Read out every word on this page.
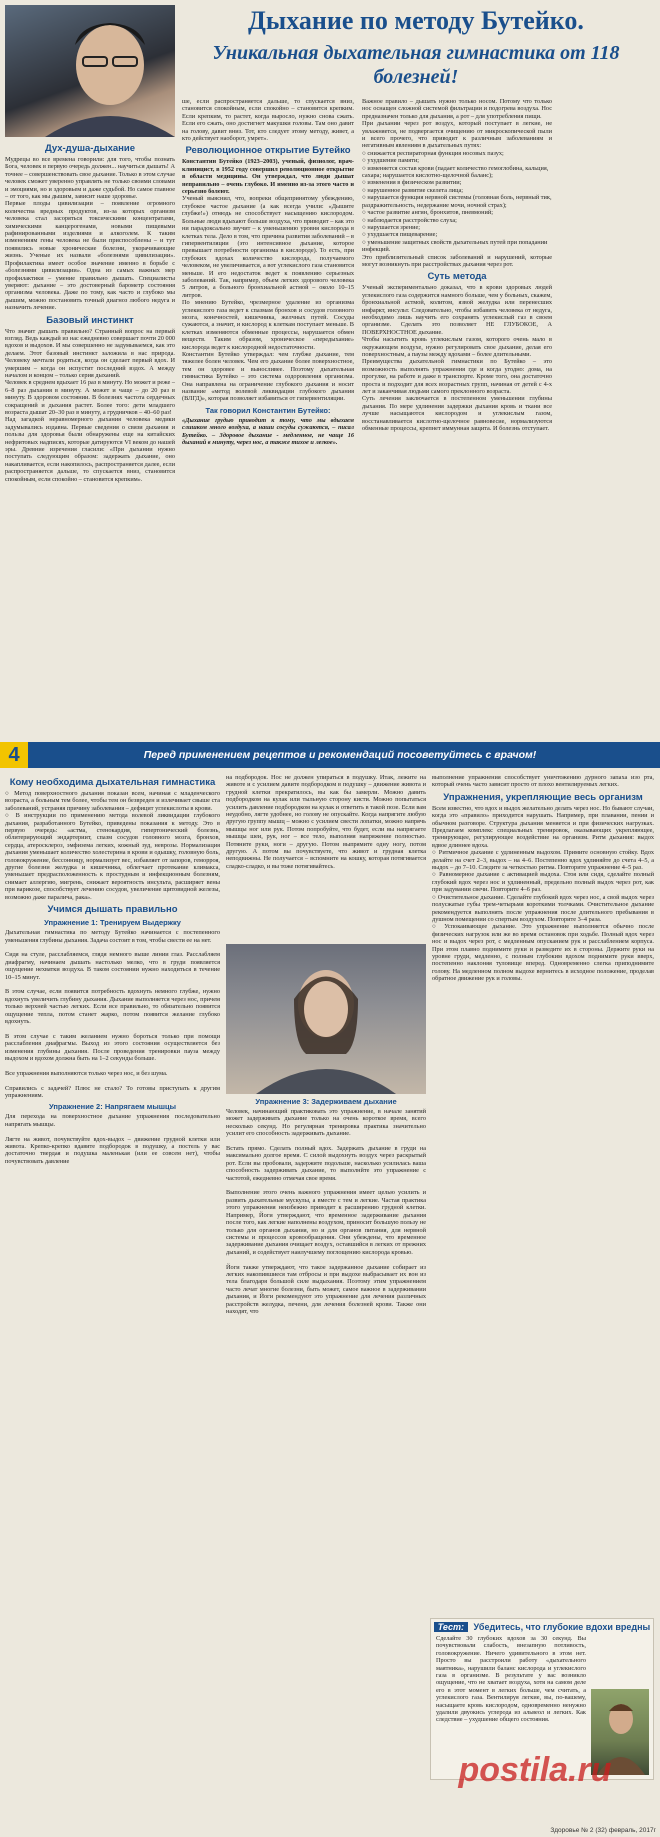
Дыхание по методу Бутейко.
Уникальная дыхательная гимнастика от 118 болезней!
Дух-душа-дыхание
Мудрецы во все времена говорили: для того, чтобы познать Бога, человек в первую очередь должен... научиться дышать! А точнее – совершенствовать свое дыхание. Только в этом случае человек сможет уверенно управлять не только своими словами и эмоциями, но и здоровьем и даже судьбой. Но самое главное – от того, как мы дышим, зависит наше здоровье.
Первые плоды цивилизации – появление огромного количества вредных продуктов, из-за которых организм человека стал засоряться токсическими концентратами, химическими канцерогенами, новыми пищевыми рафинированными изделиями и алкоголем. К таким изменениям гены человека не были приспособлены – и тут появились новые хронические болезни, укорачивающие жизнь. Ученые их назвали «болезнями цивилизации». Профилактика имеет особое значение именно в борьбе с «болезнями цивилизации». Одна из самых важных мер профилактики – умение правильно дышать. Специалисты уверяют: дыхание – это достоверный барометр состояния организма человека. Даже по тому, как часто и глубоко мы дышим, можно постановить точный диагноз любого недуга и назначить лечение.
Базовый инстинкт
Что значит дышать правильно? Странный вопрос на первый взгляд. Ведь каждый из нас ежедневно совершает почти 20 000 вдохов и выдохов. И мы совершенно не задумываемся, как это делаем. Этот базовый инстинкт заложила в нас природа. Человеку мечтали родиться, когда он сделает первый вдох. И умершим – когда он испустит последний вздох. А между началом и концом – только серия дыханий.
Человек в среднем вдыхает 16 раз в минуту. Но может и реже – 6–8 раз дыхания в минуту. А может и чаще – до 20 раз в минуту. В здоровом состоянии. В болезнях частота сердечных сокращений и дыхания растет. Более того: дети младшего возраста дышат 20–30 раз в минуту, а грудничков – 40–60 раз!
Над загадкой неравномерного дыхания человека медики задумывались издавна. Первые сведения о связи дыхания и пользы для здоровья были обнаружены еще на китайских нефритовых надписях, которые датируются VI веком до нашей эры. Древние изречения гласили: «При дыхании нужно поступать следующим образом: задержать дыхание, оно накапливается, если накопилось, распространяется далее, если распространяется дальше, то спускается вниз, становится спокойным, если спокойно – становится крепким».
ше, если распространяется дальше, то спускается вниз, становится спокойным, если спокойно – становится крепким. Если крепким, то растет, когда выросло, нужно снова сжать. Если его сжать, оно достигнет макушки головы. Там оно давит на голову, давит вниз. Тот, кто следует этому методу, живет, а кто действует наоборот, умрет».
Революционное открытие Бутейко
Константин Бутейко (1923–2003), ученый, физиолог, врач-клиницист, в 1952 году совершил революционное открытие в области медицины. Он утверждал, что люди дышат неправильно – очень глубоко. И именно из-за этого часто и серьезно болеют.
Ученый выяснил, что, вопреки общепринятому убеждению, глубокое частое дыхание (а как всегда учили: «Дышите глубже!») отнюдь не способствует насыщению кислородом. Больные люди вдыхают больше воздуха, что приводит – как это ни парадоксально звучит – к уменьшению уровня кислорода в клетках тела. Дело в том, что причина развития заболеваний – в гипервентиляции (это интенсивное дыхание, которое превышает потребности организма в кислороде). То есть, при глубоких вдохах количество кислорода, получаемого человеком, не увеличивается, а вот углекислого газа становится меньше. И его недостаток ведет к появлению серьезных заболеваний. Так, например, объем легких здорового человека 5 литров, а больного бронхиальной астмой – около 10–15 литров.
По мнению Бутейко, чрезмерное удаление из организма углекислого газа ведет к спазмам бронхов и сосудов головного мозга, конечностей, кишечника, желчных путей. Сосуды сужаются, а значит, и кислород к клеткам поступает меньше. В клетках изменяются обменные процессы, нарушается обмен веществ. Таким образом, хроническое «передыхание» кислорода ведет к кислородной недостаточности.
Константин Бутейко утверждал: чем глубже дыхание, тем тяжелее болен человек. Чем его дыхание более поверхностное, тем он здоровее и выносливее. Поэтому дыхательная гимнастика Бутейко – это система оздоровления организма. Она направлена на ограничение глубокого дыхания и носит название «метод волевой ликвидации глубокого дыхания (ВЛГД)», которая позволяет избавиться от гипервентиляции.
Так говорил Константин Бутейко:
«Дыхание грудью приводит к тому, что мы вдыхаем слишком много воздуха, а наши сосуды сужаются, – писал Бутейко. – Здоровое дыхание - медленное, не чаще 16 дыханий в минуту, через нос, а также тихое и легкое».
Важное правило – дышать нужно только носом. Потому что только нос оснащен сложной системой фильтрации и подогрева воздуха. Нос предназначен только для дыхания, а рот – для употребления пищи.
При дыхании через рот воздух, который поступает в легкие, не увлажняется, не подвергается очищению от микроскопической пыли и всего прочего, что приводит к различным заболеваниям и негативным явлениям в дыхательных путях:
○ снижается респираторная функция носовых пазух;
○ ухудшение памяти;
○ изменяется состав крови (падает количество гемоглобина, кальция, сахара; нарушается кислотно-щелочной баланс);
○ изменения в физическом развитии;
○ нарушенное развитие скелета лица;
○ нарушается функция нервной системы (головная боль, нервный тик, раздражительность, недержание мочи, ночной страх);
○ частое развитие ангин, бронхитов, пневмоний;
○ наблюдается расстройство слуха;
○ нарушается зрение;
○ ухудшается пищеварение;
○ уменьшение защитных свойств дыхательных путей при попадании инфекций.
Это приблизительный список заболеваний и нарушений, которые могут возникнуть при расстройствах дыхания через рот.
Суть метода
Ученый экспериментально доказал, что в крови здоровых людей углекислого газа содержится намного больше, чем у больных, скажем, бронхиальной астмой, колитом, язвой желудка или перенесших инфаркт, инсульт. Следовательно, чтобы избавить человека от недуга, необходимо лишь научить его сохранять углекислый газ в своем организме. Сделать это позволяет НЕ ГЛУБОКОЕ, А ПОВЕРХНОСТНОЕ дыхание.
Чтобы насытить кровь углекислым газом, которого очень мало в окружающем воздухе, нужно регулировать свое дыхание, делая его поверхностным, а паузы между вдохами – более длительными.
Преимущества дыхательной гимнастики по Бутейко – это возможность выполнять упражнения где и когда угодно: дома, на прогулке, на работе и даже в транспорте. Кроме того, она достаточно проста и подходит для всех возрастных групп, начиная от детей с 4-х лет и заканчивая людьми самого преклонного возраста.
Суть лечения заключается в постепенном уменьшении глубины дыхания. По мере удлинения задержки дыхания кровь и ткани все лучше насыщаются кислородом и углекислым газом, восстанавливается кислотно-щелочное равновесие, нормализуются обменные процессы, крепнет иммунная защита. И болезнь отступает.
4	Перед применением рецептов и рекомендаций посоветуйтесь с врачом!
Кому необходима дыхательная гимнастика
○ Метод поверхностного дыхания показан всем, начиная с младенческого возраста, а больным тем более, чтобы тем он безвреден и излечивает свыше ста заболеваний, устраняя причину заболевания – дефицит углекислоты в крови.
○ В инструкции по применению метода волевой ликвидации глубокого дыхания, разработанного Бутейко, приведены показания к методу. Это в первую очередь: «астма, стенокардия, гипертонический болезнь, облитерирующий эндартериит, спазм сосудов головного мозга, бронхов, сердца, атеросклероз, эмфизема легких, кожный зуд, неврозы. Нормализация дыхания уменьшает количество холестерина в крови и одышку, головную боль, головокружение, бессонницу, нормализует вес, избавляет от запоров, геморроя, другие болезни желудка и кишечника, облегчает протекание климакса, уменьшает предрасположенность к простудным и инфекционным болезням, снимает аллергию, мигрень, снижает вероятность инсульта, расширяет вены при варикозе, способствует лечению сосудов, увеличение щитовидной железы, возможно даже паралича, рака».
Учимся дышать правильно
Упражнение 1: Тренируем Выдержку
Дыхательная гимнастика по методу Бутейко начинается с постепенного уменьшения глубины дыхания. Задача состоит в том, чтобы свести ее на нет.

Сидя на стуле, расслабляемся, глядя немного выше линии глаз. Расслабляем диафрагму, начинаем дышать настолько мелко, что в груди появляется ощущение нехватки воздуха. В таком состоянии нужно находиться в течение 10–15 минут.

В этом случае, если появится потребность вдохнуть немного глубже, нужно вдохнуть увеличить глубину дыхания. Дыхание выполняется через нос, причем только верхней частью легких. Если все правильно, то обязательно появится ощущение тепла, потом станет жарко, потом появится желание глубоко вдохнуть.

В этом случае с таким желанием нужно бороться только при помощи расслабления диафрагмы. Выход из этого состояния осуществляется без изменения глубины дыхания. После проведения тренировки пауза между выдохом и вдохом должна быть на 1–2 секунды больше.

Все упражнения выполняются только через нос, и без шума.

Справились с задачей? Плюс не стало? То готовы приступать к другим упражнениям.
Упражнение 2: Напрягаем мышцы
Для перехода на поверхностное дыхание упражнения последовательно напрягать мышцы.

Лягте на живот, почувствуйте вдох-выдох – движение грудной клетки или живота. Крепко-крепко вдавите подбородок в подушку, а постель у вас достаточно твердая и подушка маленькая (или ее совсем нет), чтобы почувствовать давление
на подбородок. Нос не должен упираться в подушку. Итак, лежите на животе и с усилием давите подбородком в подушку – движение живота и грудной клетки прекратилось, вы как бы замерли. Можно давить подбородком на кулак или тыльную сторону кисти. Можно попытаться усилить давление подбородком на кулак и ответить в такой позе. Если вам неудобно, лягте удобнее, но голову не опускайте. Когда напрягите любую другую группу мышц – можно с усилием свести лопатки, можно напрячь мышцы ног или рук. Потом попробуйте, что будет, если вы напрягаете мышцы шеи, рук, ног – все тело, выполняя напряжение полностью. Потяните руки, ноги – другую. Потом выпрямите одну ногу, потом другую. А потом вы почувствуете, что живот и грудная клетка неподвижны. Не получается – вспомните на кошку, которая потягивается сладко-сладко, и вы тоже потягивайтесь.
Упражнение 3: Задерживаем дыхание
Человек, начинающий практиковать это упражнение, в начале занятий может задерживать дыхание только на очень короткое время, всего несколько секунд. Но регулярная тренировка практика значительно усилит его способность задерживать дыхание.

Встать прямо. Сделать полный вдох. Задержать дыхание в груди на максимально долгое время. С силой выдохнуть воздух через раскрытый рот. Если вы пробовали, задержите подольше, насколько усилилась ваша способность задерживать дыхание, то выполнйте это упражнение с частотой, ежедневно отмечая свое время.

Выполнение этого очень важного упражнения имеет целью усилить и развить дыхательные мускулы, а вместе с тем и легкие. Частая практика этого упражнения неизбежно приводит к расширению грудной клетки. Например, Йоги утверждают, что временное задерживание дыхания после того, как легкие наполнены воздухом, приносит большую пользу не только для органов дыхания, но и для органов питания, для нервной системы и процессов кровообращения. Они убеждены, что временное задерживание дыхания очищает воздух, оставшийся в легких от прежних дыханий, и содействует наилучшему поглощению кислорода кровью.

Йоги также утверждают, что такое задержанное дыхание собирает из легких накопившиеся там отбросы и при выдохе выбрасывает их вон из тела благодаря большой силе выдыхания. Поэтому этим упражнением часто лечат многие болезни, быть может, самое важное в задерживании дыхания, и Йоги рекомендуют это упражнение для лечения различных расстройств желудка, печени, для лечения болезней крови. Также они находят, что
выполнение упражнения способствует уничтожению дурного запаха изо рта, который очень часто зависит просто от плохо вентилируемых легких.
Упражнения, укрепляющие весь организм
Всем известно, что вдох и выдох желательно делать через нос. Но бывают случаи, когда это «правило» приходится нарушать. Например, при плавании, пении и обычном разговоре. Структура дыхания меняется и при физических нагрузках. Предлагаем комплекс специальных тренировок, оказывающих укрепляющее, тренирующее, регулирующее воздействие на организм. Ритм дыхания: выдох вдвое длиннее вдоха.
○ Ритмичное дыхание с удлиненным выдохом. Примите основную стойку. Вдох делайте на счет 2–3, выдох – на 4–6. Постепенно вдох удлиняйте до счета 4–5, а выдох – до 7–10. Следите за четкостью ритма. Повторите упражнение 4–5 раз.
○ Равномерное дыхание с активацией выдоха. Стоя или сидя, сделайте полный глубокий вдох через нос и удлиненный, предельно полный выдох через рот, как при задувании свечи. Повторите 4–6 раз.
○ Очистительное дыхание. Сделайте глубокий вдох через нос, а свой выдох через полусжатые губы трем-четырьмя короткими толчками. Очистительное дыхание рекомендуется выполнять после упражнения после длительного пребывания в душном помещении со спертым воздухом. Повторите 3–4 раза.
○ Успокаивающее дыхание. Это упражнение выполняется обычно после физических нагрузок или же во время остановок при ходьбе. Полный вдох через нос и выдох через рот, с медленным опусканием рук и расслаблением корпуса. При этом плавно поднимите руки и разведите их в стороны. Держите руки на уровне груди, медленно, с полным глубоким вдохом поднимите руки вверх, постепенно наклоняя туловище вперед. Одновременно слегка приподнимите голову. На медленном полном выдохе вернитесь в исходное положение, проделав обратное движение рук и головы.
Тест: Убедитесь, что глубокие вдохи вредны
Сделайте 30 глубоких вдохов за 30 секунд. Вы почувствовали слабость, внезапную потливость, головокружение. Ничего удивительного в этом нет. Просто вы расстроили работу «дыхательного маятника», нарушили баланс кислорода и углекислого газа в организме. В результате у вас возникло ощущение, что не хватает воздуха, хотя на самом деле его в этот момент в легких больше, чем считать, а углекислого газа. Вентилируя легкие, вы, по-вашему, насыщаете кровь кислородом, одновременно ненужно удалили двуокись углерода из альвеол и легких. Как следствие – ухудшение общего состояния.
postila.ru
Здоровье № 2 (32) февраль, 2017г
